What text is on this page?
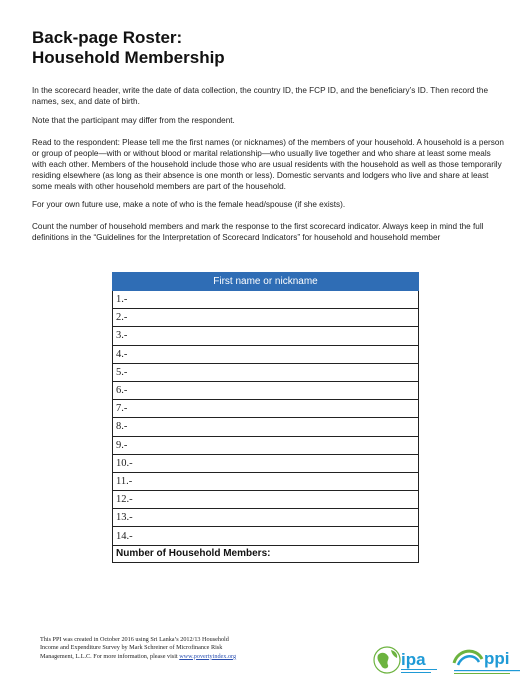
Back-page Roster:
Household Membership

In the scorecard header, write the date of data collection, the country ID, the FCP ID, and the beneficiary’s ID. Then record the names, sex, and date of birth.

Note that the participant may differ from the respondent.

Read to the respondent: Please tell me the first names (or nicknames) of the members of your household. A household is a person or group of people—with or without blood or marital relationship—who usually live together and who share at least some meals with each other. Members of the household include those who are usual residents with the household as well as those temporarily residing elsewhere (as long as their absence is one month or less). Domestic servants and lodgers who live and share at least some meals with other household members are part of the household.

For your own future use, make a note of who is the female head/spouse (if she exists).

Count the number of household members and mark the response to the first scorecard indicator. Always keep in mind the full definitions in the “Guidelines for the Interpretation of Scorecard Indicators” for household and household member

First name or nickname
1.-
2.-
3.-
4.-
5.-
6.-
7.-
8.-
9.-
10.-
11.-
12.-
13.-
14.-
Number of Household Members:

This PPI was created in October 2016 using Sri Lanka’s 2012/13 Household
Income and Expenditure Survey by Mark Schreiner of Microfinance Risk
Management, L.L.C. For more information, please visit www.povertyindex.org	ipa	ppi
